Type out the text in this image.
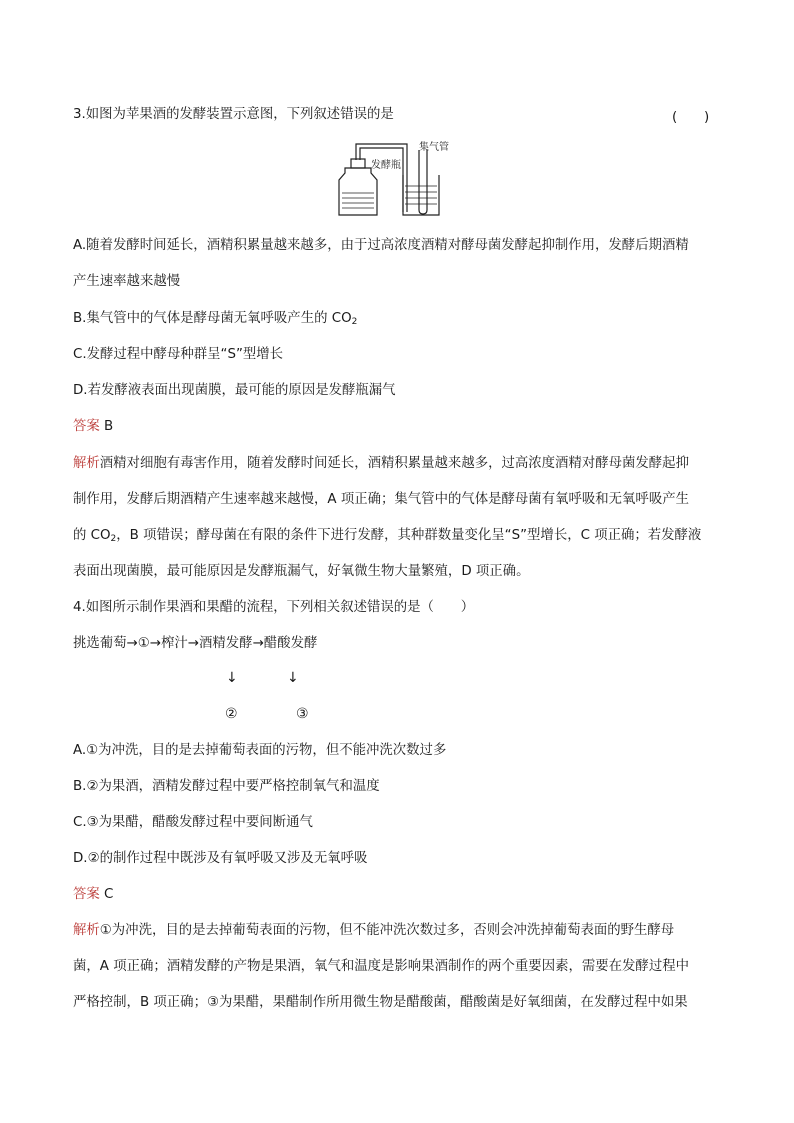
3.如图为苹果酒的发酵装置示意图，下列叙述错误的是	(　　)
发酵瓶
集气管
A.随着发酵时间延长，酒精积累量越来越多，由于过高浓度酒精对酵母菌发酵起抑制作用，发酵后期酒精
产生速率越来越慢
B.集气管中的气体是酵母菌无氧呼吸产生的 $CO_2$
C.发酵过程中酵母种群呈“S”型增长
D.若发酵液表面出现菌膜，最可能的原因是发酵瓶漏气
答案 B
解析酒精对细胞有毒害作用，随着发酵时间延长，酒精积累量越来越多，过高浓度酒精对酵母菌发酵起抑
制作用，发酵后期酒精产生速率越来越慢，A 项正确；集气管中的气体是酵母菌有氧呼吸和无氧呼吸产生
的 $CO_2$，B 项错误；酵母菌在有限的条件下进行发酵，其种群数量变化呈“S”型增长，C 项正确；若发酵液
表面出现菌膜，最可能原因是发酵瓶漏气，好氧微生物大量繁殖，D 项正确。
4.如图所示制作果酒和果醋的流程，下列相关叙述错误的是（　　）
挑选葡萄→①→榨汁→酒精发酵→醋酸发酵
↓	↓
②	③
A.①为冲洗，目的是去掉葡萄表面的污物，但不能冲洗次数过多
B.②为果酒，酒精发酵过程中要严格控制氧气和温度
C.③为果醋，醋酸发酵过程中要间断通气
D.②的制作过程中既涉及有氧呼吸又涉及无氧呼吸
答案 C
解析①为冲洗，目的是去掉葡萄表面的污物，但不能冲洗次数过多，否则会冲洗掉葡萄表面的野生酵母
菌，A 项正确；酒精发酵的产物是果酒，氧气和温度是影响果酒制作的两个重要因素，需要在发酵过程中
严格控制，B 项正确；③为果醋，果醋制作所用微生物是醋酸菌，醋酸菌是好氧细菌，在发酵过程中如果
